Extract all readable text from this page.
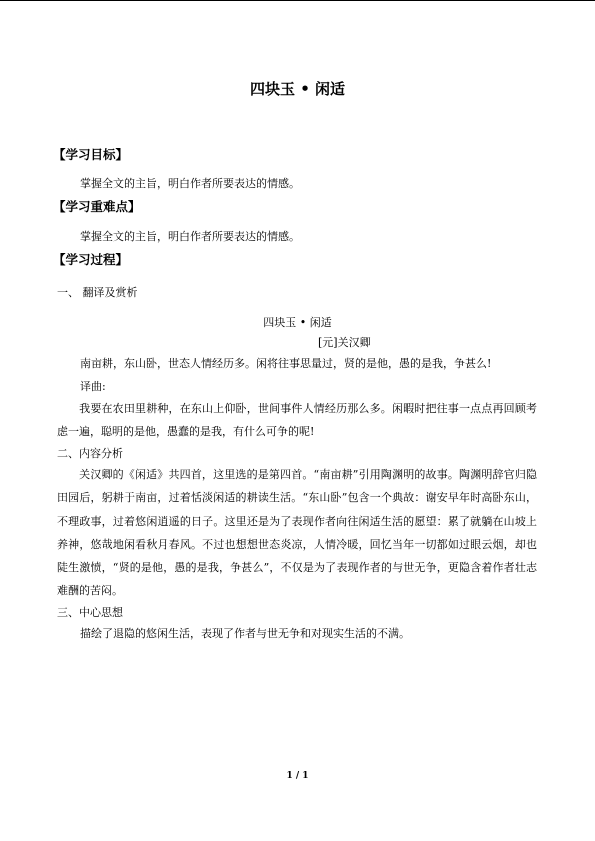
四块玉 • 闲适
【学习目标】
掌握全文的主旨，明白作者所要表达的情感。
【学习重难点】
掌握全文的主旨，明白作者所要表达的情感。
【学习过程】
一、 翻译及赏析
四块玉 • 闲适
[元]关汉卿
南亩耕，东山卧，世态人情经历多。闲将往事思量过，贤的是他，愚的是我，争甚么!
译曲:
我要在农田里耕种，在东山上仰卧，世间事件人情经历那么多。闲暇时把往事一点点再回顾考虑一遍，聪明的是他，愚蠢的是我，有什么可争的呢!
二、内容分析
关汉卿的《闲适》共四首，这里选的是第四首。“南亩耕”引用陶渊明的故事。陶渊明辞官归隐田园后，躬耕于南亩，过着恬淡闲适的耕读生活。“东山卧”包含一个典故：谢安早年时高卧东山，不理政事，过着悠闲逍遥的日子。这里还是为了表现作者向往闲适生活的愿望：累了就躺在山坡上养神，悠哉地闲看秋月春风。不过也想想世态炎凉，人情冷暖，回忆当年一切都如过眼云烟，却也陡生激愤，“贤的是他，愚的是我，争甚么”，不仅是为了表现作者的与世无争，更隐含着作者壮志难酬的苦闷。
三、中心思想
描绘了退隐的悠闲生活，表现了作者与世无争和对现实生活的不满。
1 / 1
